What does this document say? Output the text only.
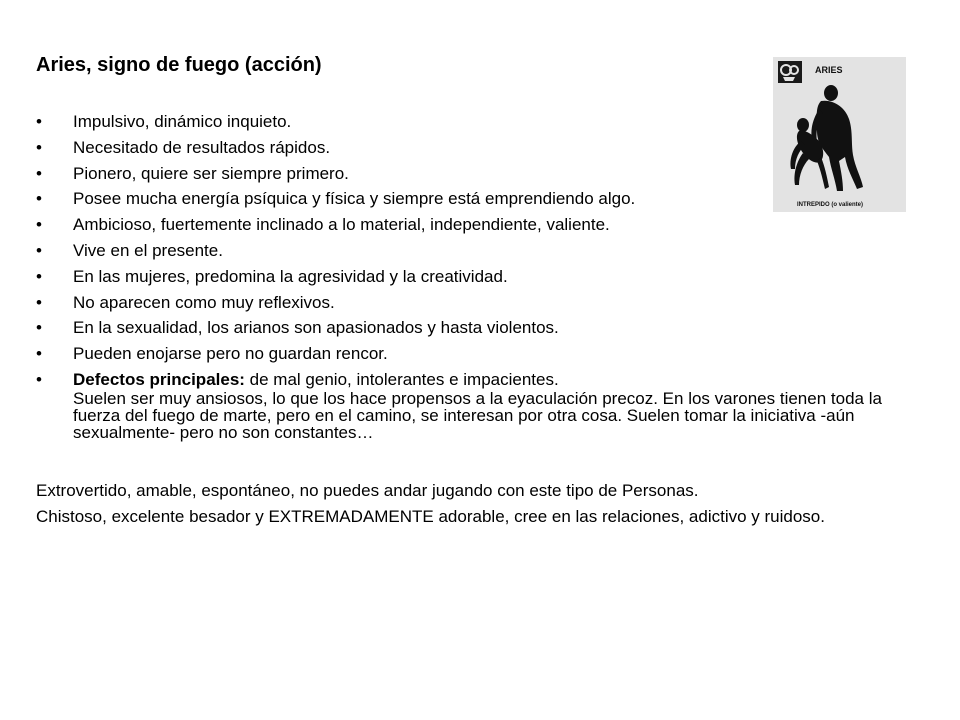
Aries, signo de fuego (acción)
• Impulsivo, dinámico inquieto.
• Necesitado de resultados rápidos.
• Pionero, quiere ser siempre primero.
• Posee mucha energía psíquica y física y siempre está emprendiendo algo.
• Ambicioso, fuertemente inclinado a lo material, independiente, valiente.
• Vive en el presente.
• En las mujeres, predomina la agresividad y la creatividad.
• No aparecen como muy reflexivos.
• En la sexualidad, los arianos son apasionados y hasta violentos.
• Pueden enojarse pero no guardan rencor.
• Defectos principales: de mal genio, intolerantes e impacientes.
Suelen ser muy ansiosos, lo que los hace propensos a la eyaculación precoz. En los varones tienen toda la fuerza del fuego de marte, pero en el camino, se interesan por otra cosa. Suelen tomar la iniciativa -aún sexualmente- pero no son constantes…
Extrovertido, amable, espontáneo, no puedes andar jugando con este tipo de Personas.
Chistoso, excelente besador y EXTREMADAMENTE adorable, cree en las relaciones, adictivo y ruidoso.
ARIES
INTREPIDO (o valiente)
